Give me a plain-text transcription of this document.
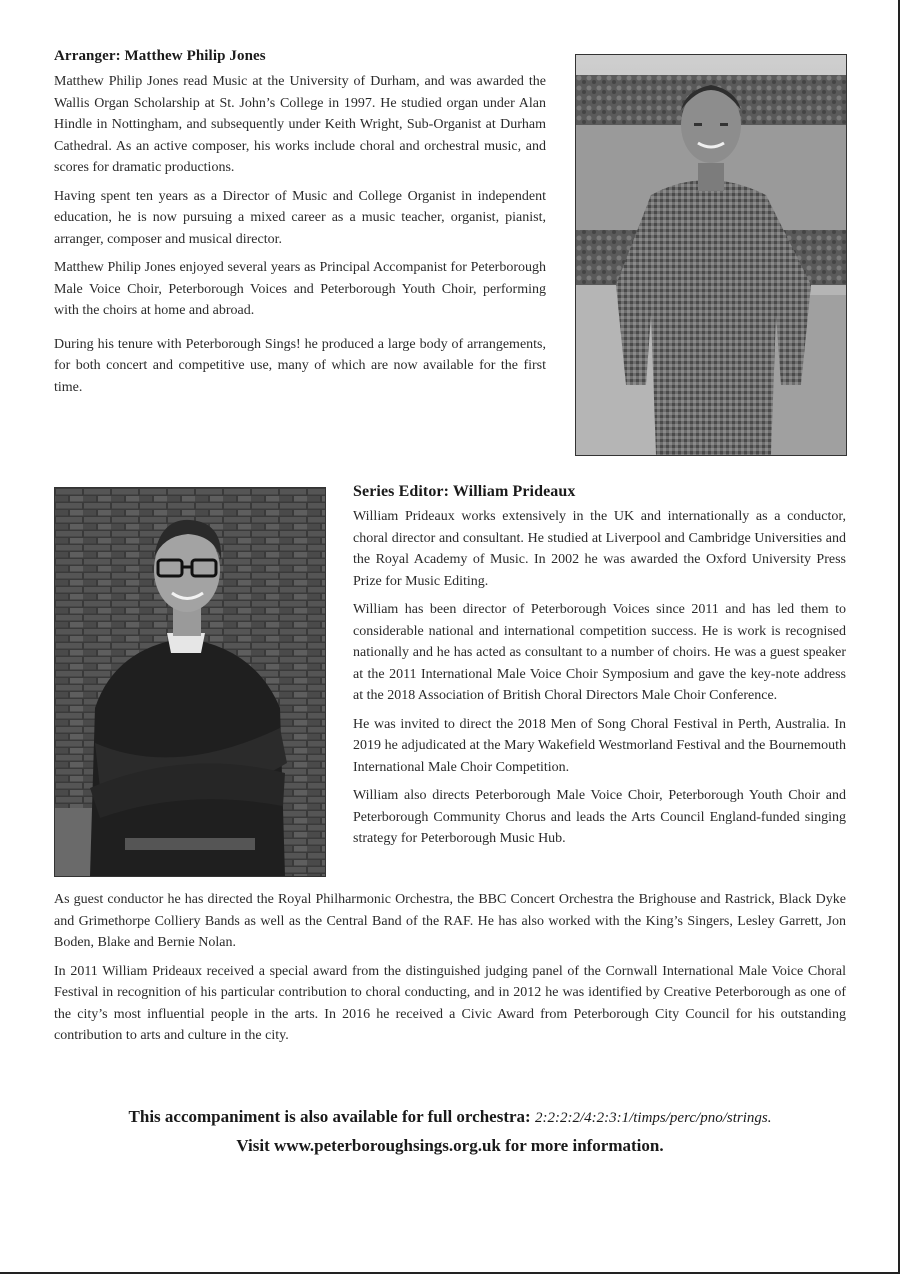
Arranger: Matthew Philip Jones

Matthew Philip Jones read Music at the University of Durham, and was awarded the Wallis Organ Scholarship at St. John’s College in 1997. He studied organ under Alan Hindle in Nottingham, and subsequently under Keith Wright, Sub-Organist at Durham Cathedral. As an active composer, his works include choral and orchestral music, and scores for dramatic productions.

Having spent ten years as a Director of Music and College Organist in independent education, he is now pursuing a mixed career as a music teacher, organist, pianist, arranger, composer and musical director.

Matthew Philip Jones enjoyed several years as Principal Accompanist for Peterborough Male Voice Choir, Peterborough Voices and Peterborough Youth Choir, performing with the choirs at home and abroad.

During his tenure with Peterborough Sings! he produced a large body of arrangements, for both concert and competitive use, many of which are now available for the first time.

Series Editor: William Prideaux

William Prideaux works extensively in the UK and internationally as a conductor, choral director and consultant. He studied at Liverpool and Cambridge Universities and the Royal Academy of Music. In 2002 he was awarded the Oxford University Press Prize for Music Editing.

William has been director of Peterborough Voices since 2011 and has led them to considerable national and international competition success. He is work is recognised nationally and he has acted as consultant to a number of choirs. He was a guest speaker at the 2011 International Male Voice Choir Symposium and gave the key-note address at the 2018 Association of British Choral Directors Male Choir Conference.

He was invited to direct the 2018 Men of Song Choral Festival in Perth, Australia. In 2019 he adjudicated at the Mary Wakefield Westmorland Festival and the Bournemouth International Male Choir Competition.

William also directs Peterborough Male Voice Choir, Peterborough Youth Choir and Peterborough Community Chorus and leads the Arts Council England-funded singing strategy for Peterborough Music Hub.

As guest conductor he has directed the Royal Philharmonic Orchestra, the BBC Concert Orchestra the Brighouse and Rastrick, Black Dyke and Grimethorpe Colliery Bands as well as the Central Band of the RAF. He has also worked with the King’s Singers, Lesley Garrett, Jon Boden, Blake and Bernie Nolan.

In 2011 William Prideaux received a special award from the distinguished judging panel of the Cornwall International Male Voice Choral Festival in recognition of his particular contribution to choral conducting, and in 2012 he was identified by Creative Peterborough as one of the city’s most influential people in the arts. In 2016 he received a Civic Award from Peterborough City Council for his outstanding contribution to arts and culture in the city.

This accompaniment is also available for full orchestra: 2:2:2:2/4:2:3:1/timps/perc/pno/strings.
Visit www.peterboroughsings.org.uk for more information.
